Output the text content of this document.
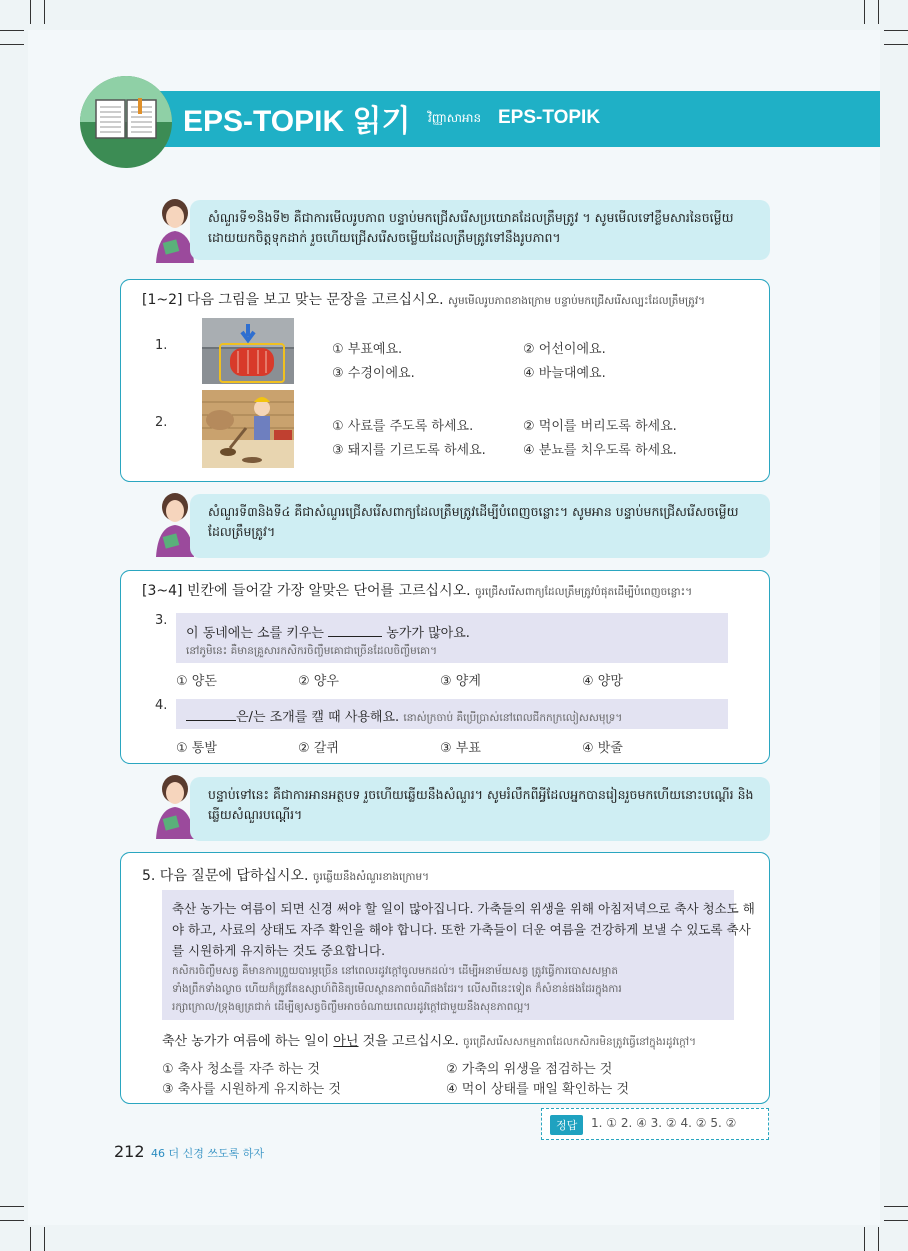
EPS-TOPIK 읽기 វិញ្ញាសាអាន EPS-TOPIK
សំណួរទី១និងទី២ គឺជាការមើលរូបភាព បន្ទាប់មកជ្រើសរើសប្រយោគដែលត្រឹមត្រូវ ។ សូមមើលទៅខ្លឹមសារនៃចម្លើយដោយយកចិត្តទុកដាក់ រួចហើយជ្រើសរើសចម្លើយដែលត្រឹមត្រូវទៅនឹងរូបភាព។
[1~2] 다음 그림을 보고 맞는 문장을 고르십시오. សូមមើលរូបភាពខាងក្រោម បន្ទាប់មកជ្រើសរើសល្បះដែលត្រឹមត្រូវ។
1.	① 부표예요.	② 어선이에요.
③ 수경이에요.	④ 바늘대예요.
2.	① 사료를 주도록 하세요.	② 먹이를 버리도록 하세요.
③ 돼지를 기르도록 하세요.	④ 분뇨를 치우도록 하세요.
សំណួរទី៣និងទី៤ គឺជាសំណួរជ្រើសរើសពាក្យដែលត្រឹមត្រូវដើម្បីបំពេញចន្លោះ។ សូមអាន បន្ទាប់មកជ្រើសរើសចម្លើយដែលត្រឹមត្រូវ។
[3~4] 빈칸에 들어갈 가장 알맞은 단어를 고르십시오. ចូរជ្រើសរើសពាក្យដែលត្រឹមត្រូវបំផុតដើម្បីបំពេញចន្លោះ។
3.
이 동네에는 소를 키우는	농가가 많아요.
នៅភូមិនេះ គឺមានគ្រួសារកសិករចិញ្ចឹមគោជាច្រើនដែលចិញ្ចឹមគោ។
① 양돈	② 양우	③ 양계	④ 양망
4.
은/는 조개를 캘 때 사용해요. នោស់ក្រចាប់ គឺប្រើប្រាស់នៅពេលជីកកក្រលៀសសមុទ្រ។
① 통발	② 갈퀴	③ 부표	④ 밧줄
បន្ទាប់ទៅនេះ គឺជាការអានអត្ថបទ រួចហើយឆ្លើយនឹងសំណួរ។ សូមរំលឹកពីអ្វីដែលអ្នកបានរៀនរួចមកហើយនោះបណ្ដើរ និងឆ្លើយសំណួរបណ្ដើរ។
5. 다음 질문에 답하십시오. ចូរឆ្លើយនឹងសំណួរខាងក្រោម។
축산 농가는 여름이 되면 신경 써야 할 일이 많아집니다. 가축들의 위생을 위해 아침저녁으로 축사 청소도 해
야 하고, 사료의 상태도 자주 확인을 해야 합니다. 또한 가축들이 더운 여름을 건강하게 보낼 수 있도록 축사
를 시원하게 유지하는 것도 중요합니다.
កសិករចិញ្ចឹមសត្វ គឺមានការព្រួយបារម្ភច្រើន នៅពេលរដូវក្ដៅចូលមកដល់។ ដើម្បីអនាម័យសត្វ ត្រូវធ្វើការបោសសម្អាត
ទាំងព្រឹកទាំងល្ងាច ហើយក៏ត្រូវតែឧស្សាហ៍ពិនិត្យមើលស្ថានភាពចំណីផងដែរ។ លើសពីនេះទៀត ក៏សំខាន់ផងដែរក្នុងការ
រក្សាក្រោល/ទ្រុងឲ្យត្រជាក់ ដើម្បីឲ្យសត្វចិញ្ចឹមអាចចំណាយពេលរដូវក្ដៅជាមួយនឹងសុខភាពល្អ។
축산 농가가 여름에 하는 일이 아닌 것을 고르십시오. ចូរជ្រើសរើសសកម្មភាពដែលកសិករមិនត្រូវធ្វើនៅក្នុងរដូវក្ដៅ។
① 축사 청소를 자주 하는 것	② 가축의 위생을 점검하는 것
③ 축사를 시원하게 유지하는 것	④ 먹이 상태를 매일 확인하는 것
정답	1. ① 2. ④ 3. ② 4. ② 5. ②
212 46 더 신경 쓰도록 하자
